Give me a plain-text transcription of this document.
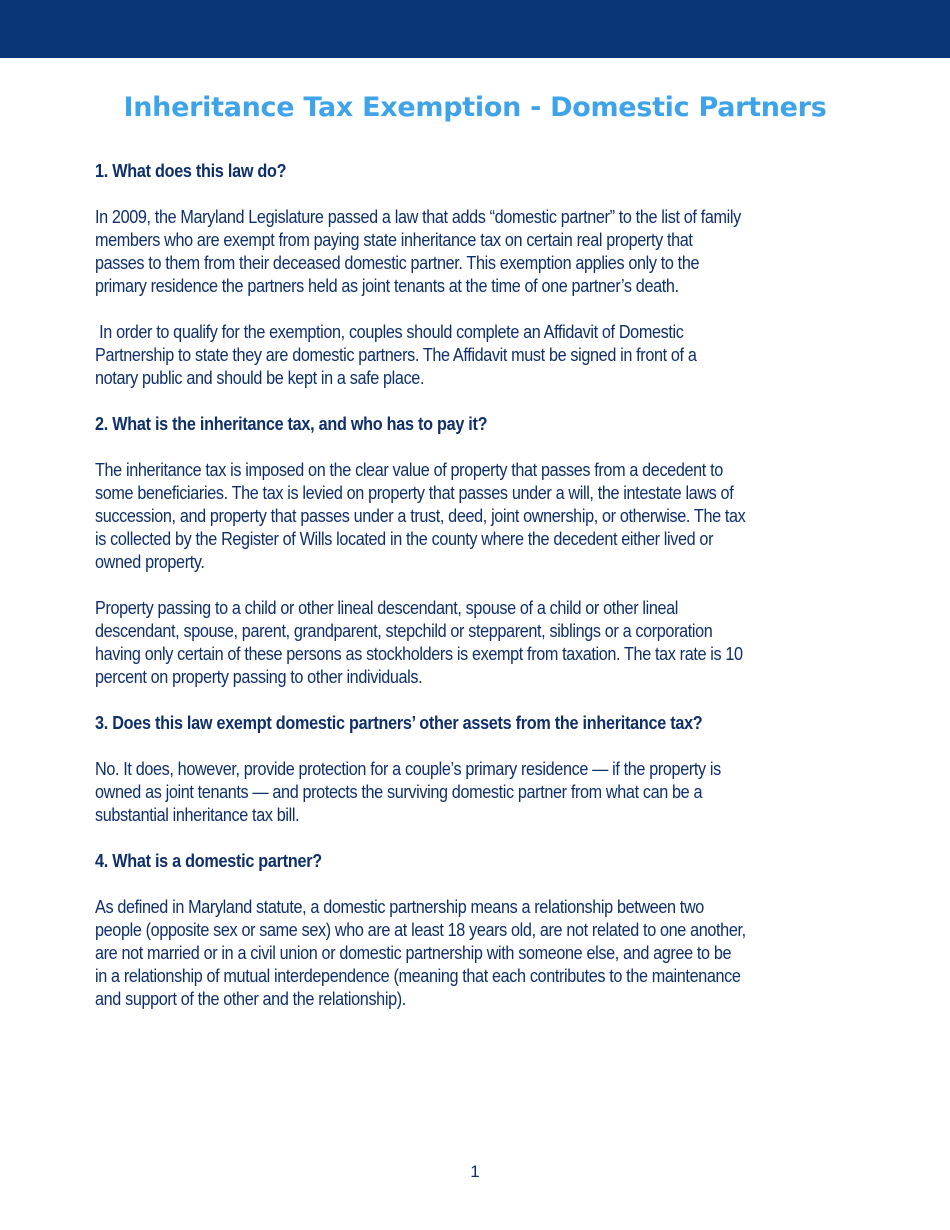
Inheritance Tax Exemption - Domestic Partners
1. What does this law do?
In 2009, the Maryland Legislature passed a law that adds “domestic partner” to the list of family
members who are exempt from paying state inheritance tax on certain real property that
passes to them from their deceased domestic partner. This exemption applies only to the
primary residence the partners held as joint tenants at the time of one partner’s death.
In order to qualify for the exemption, couples should complete an Affidavit of Domestic
Partnership to state they are domestic partners. The Affidavit must be signed in front of a
notary public and should be kept in a safe place.
2. What is the inheritance tax, and who has to pay it?
The inheritance tax is imposed on the clear value of property that passes from a decedent to
some beneficiaries. The tax is levied on property that passes under a will, the intestate laws of
succession, and property that passes under a trust, deed, joint ownership, or otherwise. The tax
is collected by the Register of Wills located in the county where the decedent either lived or
owned property.
Property passing to a child or other lineal descendant, spouse of a child or other lineal
descendant, spouse, parent, grandparent, stepchild or stepparent, siblings or a corporation
having only certain of these persons as stockholders is exempt from taxation. The tax rate is 10
percent on property passing to other individuals.
3. Does this law exempt domestic partners’ other assets from the inheritance tax?
No. It does, however, provide protection for a couple’s primary residence — if the property is
owned as joint tenants — and protects the surviving domestic partner from what can be a
substantial inheritance tax bill.
4. What is a domestic partner?
As defined in Maryland statute, a domestic partnership means a relationship between two
people (opposite sex or same sex) who are at least 18 years old, are not related to one another,
are not married or in a civil union or domestic partnership with someone else, and agree to be
in a relationship of mutual interdependence (meaning that each contributes to the maintenance
and support of the other and the relationship).
1
